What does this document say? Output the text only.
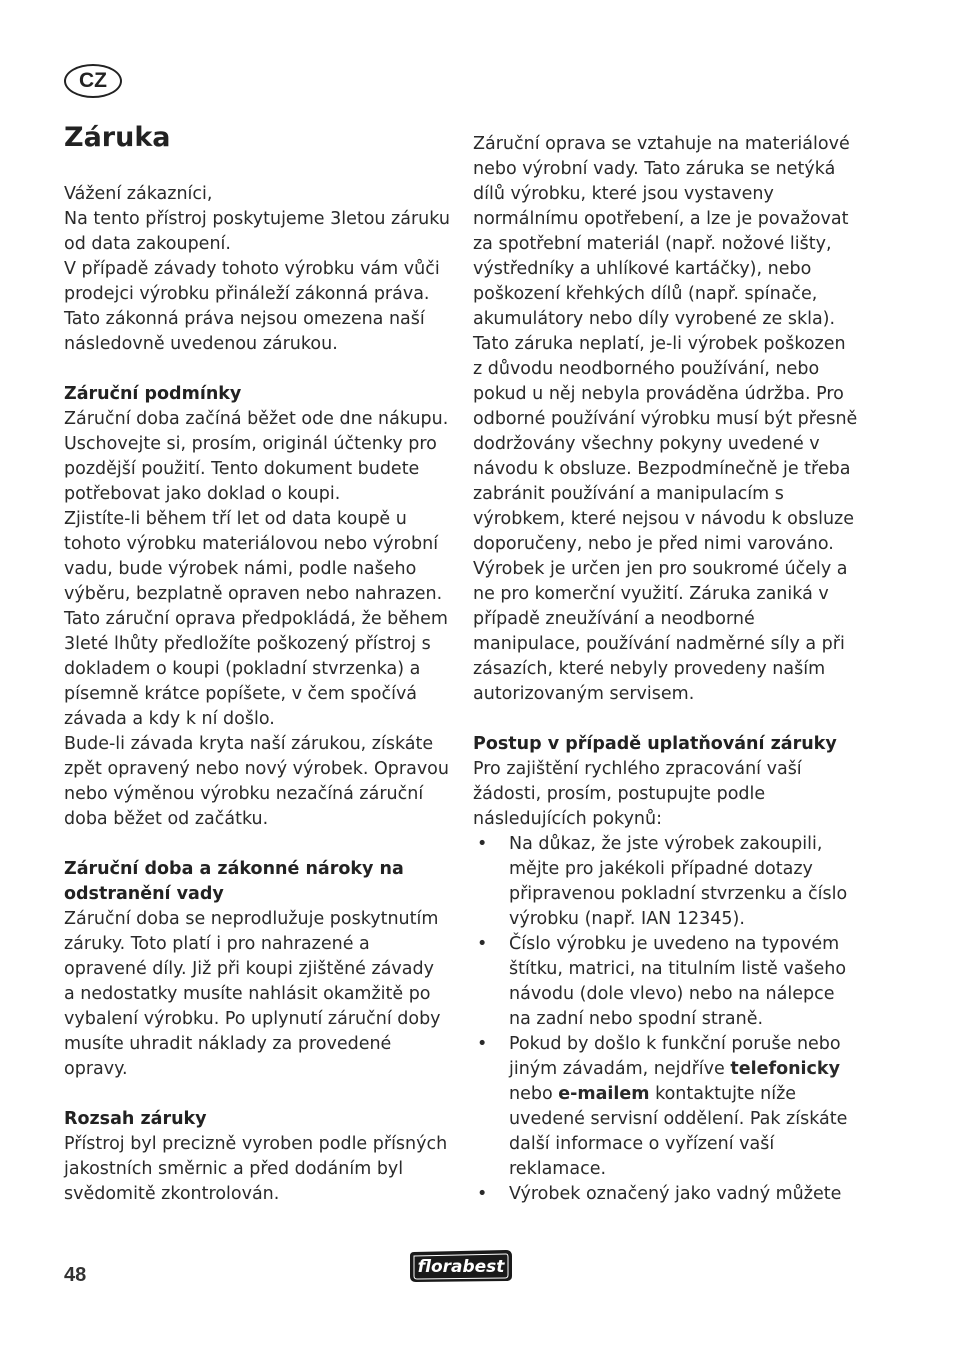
CZ
Záruka

Vážení zákazníci,

Na tento přístroj poskytujeme 3letou záruku od data zakoupení.

V případě závady tohoto výrobku vám vůči prodejci výrobku přináleží zákonná práva. Tato zákonná práva nejsou omezena naší následovně uvedenou zárukou.

Záruční podmínky

Záruční doba začíná běžet ode dne nákupu. Uschovejte si, prosím, originál účtenky pro pozdější použití. Tento dokument budete potřebovat jako doklad o koupi.

Zjistíte-li během tří let od data koupě u tohoto výrobku materiálovou nebo výrobní vadu, bude výrobek námi, podle našeho výběru, bezplatně opraven nebo nahrazen. Tato záruční oprava předpokládá, že během 3leté lhůty předložíte poškozený přístroj s dokladem o koupi (pokladní stvrzenka) a písemně krátce popíšete, v čem spočívá závada a kdy k ní došlo.

Bude-li závada kryta naší zárukou, získáte zpět opravený nebo nový výrobek. Opravou nebo výměnou výrobku nezačíná záruční doba běžet od začátku.

Záruční doba a zákonné nároky na odstranění vady

Záruční doba se neprodlužuje poskytnutím záruky. Toto platí i pro nahrazené a opravené díly. Již při koupi zjištěné závady a nedostatky musíte nahlásit okamžitě po vybalení výrobku. Po uplynutí záruční doby musíte uhradit náklady za provedené opravy.

Rozsah záruky

Přístroj byl precizně vyroben podle přísných jakostních směrnic a před dodáním byl svědomitě zkontrolován.

Záruční oprava se vztahuje na materiálové nebo výrobní vady. Tato záruka se netýká dílů výrobku, které jsou vystaveny normálnímu opotřebení, a lze je považovat za spotřební materiál (např. nožové lišty, výstředníky a uhlíkové kartáčky), nebo poškození křehkých dílů (např. spínače, akumulátory nebo díly vyrobené ze skla). Tato záruka neplatí, je-li výrobek poškozen z důvodu neodborného používání, nebo pokud u něj nebyla prováděna údržba. Pro odborné používání výrobku musí být přesně dodržovány všechny pokyny uvedené v návodu k obsluze. Bezpodmínečně je třeba zabránit používání a manipulacím s výrobkem, které nejsou v návodu k obsluze doporučeny, nebo je před nimi varováno. Výrobek je určen jen pro soukromé účely a ne pro komerční využití. Záruka zaniká v případě zneužívání a neodborné manipulace, používání nadměrné síly a při zásazích, které nebyly provedeny naším autorizovaným servisem.

Postup v případě uplatňování záruky

Pro zajištění rychlého zpracování vaší žádosti, prosím, postupujte podle následujících pokynů:

• Na důkaz, že jste výrobek zakoupili, mějte pro jakékoli případné dotazy připravenou pokladní stvrzenku a číslo výrobku (např. IAN 12345).
• Číslo výrobku je uvedeno na typovém štítku, matrici, na titulním listě vašeho návodu (dole vlevo) nebo na nálepce na zadní nebo spodní straně.
• Pokud by došlo k funkční poruše nebo jiným závadám, nejdříve telefonicky nebo e-mailem kontaktujte níže uvedené servisní oddělení. Pak získáte další informace o vyřízení vaší reklamace.
• Výrobek označený jako vadný můžete
48	florabest
